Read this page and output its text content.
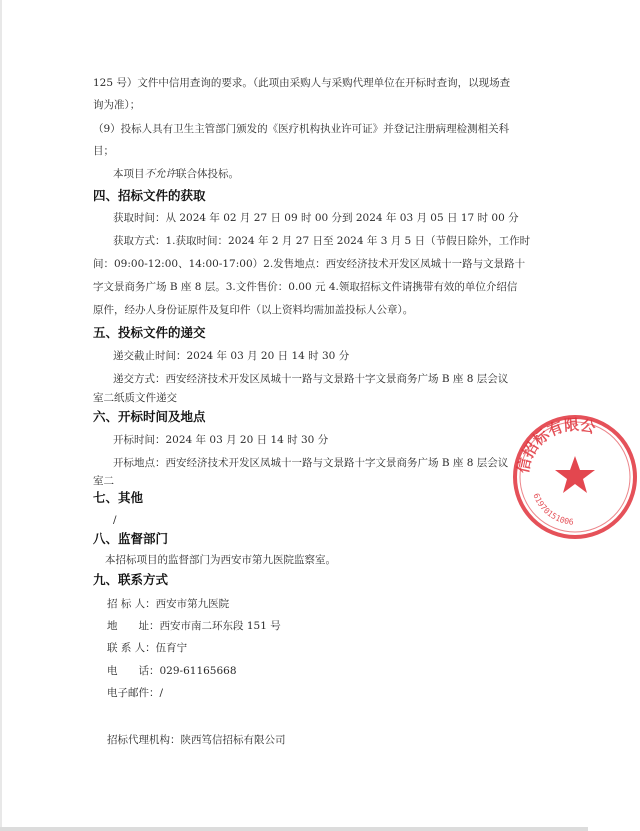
125 号）文件中信用查询的要求。（此项由采购人与采购代理单位在开标时查询，以现场查
询为准）；
（9）投标人具有卫生主管部门颁发的《医疗机构执业许可证》并登记注册病理检测相关科
目；
本项目不允许联合体投标。
四、招标文件的获取
获取时间：从 2024 年 02 月 27 日 09 时 00 分到 2024 年 03 月 05 日 17 时 00 分
获取方式：1.获取时间：2024 年 2 月 27 日至 2024 年 3 月 5 日（节假日除外，工作时
间：09:00-12:00、14:00-17:00）2.发售地点：西安经济技术开发区凤城十一路与文景路十
字文景商务广场 B 座 8 层。3.文件售价：0.00 元 4.领取招标文件请携带有效的单位介绍信
原件，经办人身份证原件及复印件（以上资料均需加盖投标人公章）。
五、投标文件的递交
递交截止时间：2024 年 03 月 20 日 14 时 30 分
递交方式：西安经济技术开发区凤城十一路与文景路十字文景商务广场 B 座 8 层会议
室二纸质文件递交
六、开标时间及地点
开标时间：2024 年 03 月 20 日 14 时 30 分
开标地点：西安经济技术开发区凤城十一路与文景路十字文景商务广场 B 座 8 层会议
室二
七、其他
/
八、监督部门
本招标项目的监督部门为西安市第九医院监察室。
九、联系方式
招 标 人：西安市第九医院
地　　址：西安市南二环东段 151 号
联 系 人：伍育宁
电　　话：029-61165668
电子邮件：/
招标代理机构：陕西笃信招标有限公司
信招标有限公
61970151006
